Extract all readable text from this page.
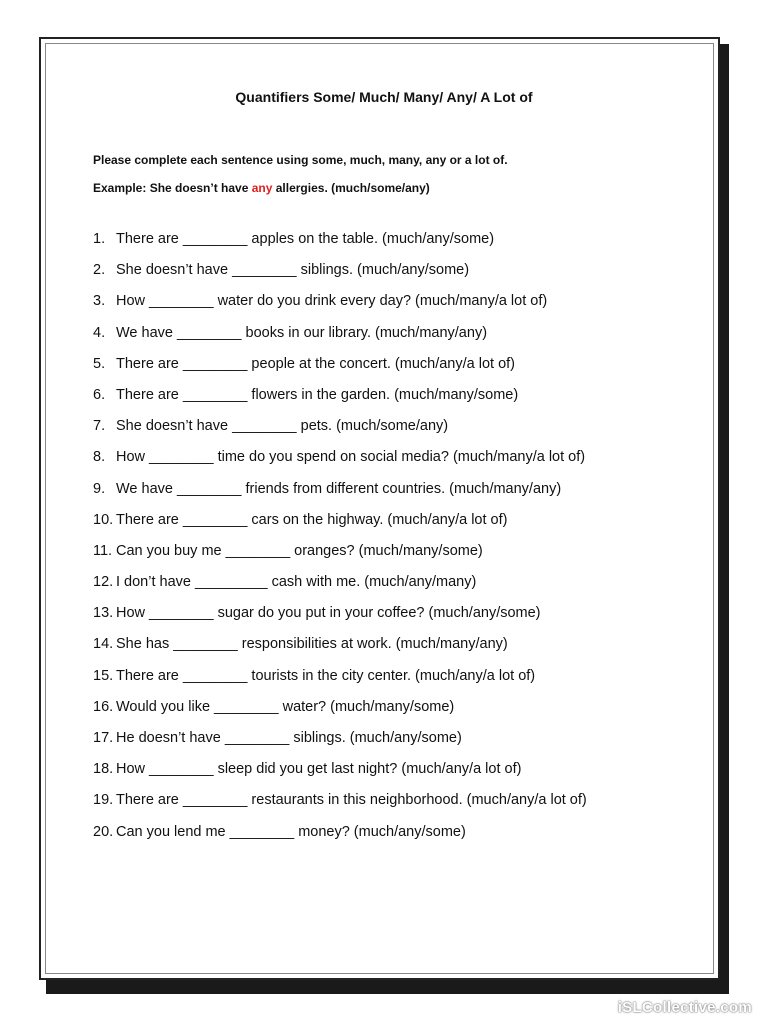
Quantifiers Some/ Much/ Many/ Any/ A Lot of
Please complete each sentence using some, much, many, any or a lot of.
Example: She doesn’t have any allergies. (much/some/any)
1. There are ________ apples on the table. (much/any/some)
2. She doesn’t have ________ siblings. (much/any/some)
3. How ________ water do you drink every day? (much/many/a lot of)
4. We have ________ books in our library. (much/many/any)
5. There are ________ people at the concert. (much/any/a lot of)
6. There are ________ flowers in the garden. (much/many/some)
7. She doesn’t have ________ pets. (much/some/any)
8. How ________ time do you spend on social media? (much/many/a lot of)
9. We have ________ friends from different countries. (much/many/any)
10. There are ________ cars on the highway. (much/any/a lot of)
11. Can you buy me ________ oranges? (much/many/some)
12. I don’t have _________ cash with me. (much/any/many)
13. How ________ sugar do you put in your coffee? (much/any/some)
14. She has ________ responsibilities at work. (much/many/any)
15. There are ________ tourists in the city center. (much/any/a lot of)
16. Would you like ________ water? (much/many/some)
17. He doesn’t have ________ siblings. (much/any/some)
18. How ________ sleep did you get last night? (much/any/a lot of)
19. There are ________ restaurants in this neighborhood. (much/any/a lot of)
20. Can you lend me ________ money? (much/any/some)
iSLCollective.com
